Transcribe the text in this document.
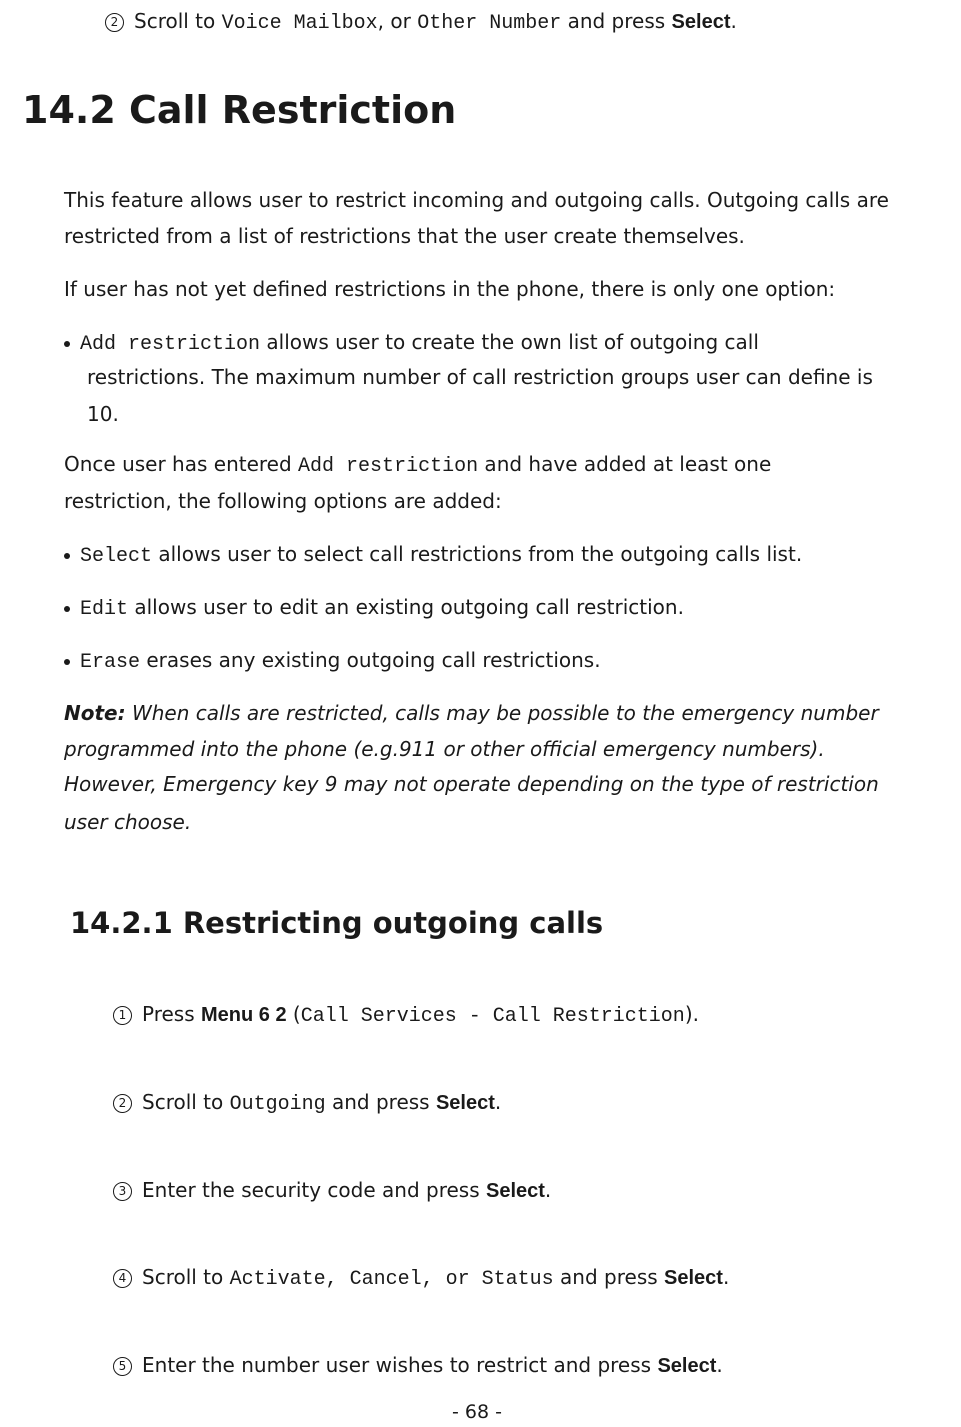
2 Scroll to Voice Mailbox, or Other Number and press Select.
14.2 Call Restriction
This feature allows user to restrict incoming and outgoing calls. Outgoing calls are
restricted from a list of restrictions that the user create themselves.
If user has not yet defined restrictions in the phone, there is only one option:
Add restriction allows user to create the own list of outgoing call
restrictions. The maximum number of call restriction groups user can define is
10.
Once user has entered Add restriction and have added at least one
restriction, the following options are added:
Select allows user to select call restrictions from the outgoing calls list.
Edit allows user to edit an existing outgoing call restriction.
Erase erases any existing outgoing call restrictions.
Note: When calls are restricted, calls may be possible to the emergency number
programmed into the phone (e.g.911 or other official emergency numbers).
However, Emergency key 9 may not operate depending on the type of restriction
user choose.
14.2.1 Restricting outgoing calls
1 Press Menu 6 2 (Call Services - Call Restriction).
2 Scroll to Outgoing and press Select.
3 Enter the security code and press Select.
4 Scroll to Activate, Cancel, or Status and press Select.
5 Enter the number user wishes to restrict and press Select.
- 68 -
